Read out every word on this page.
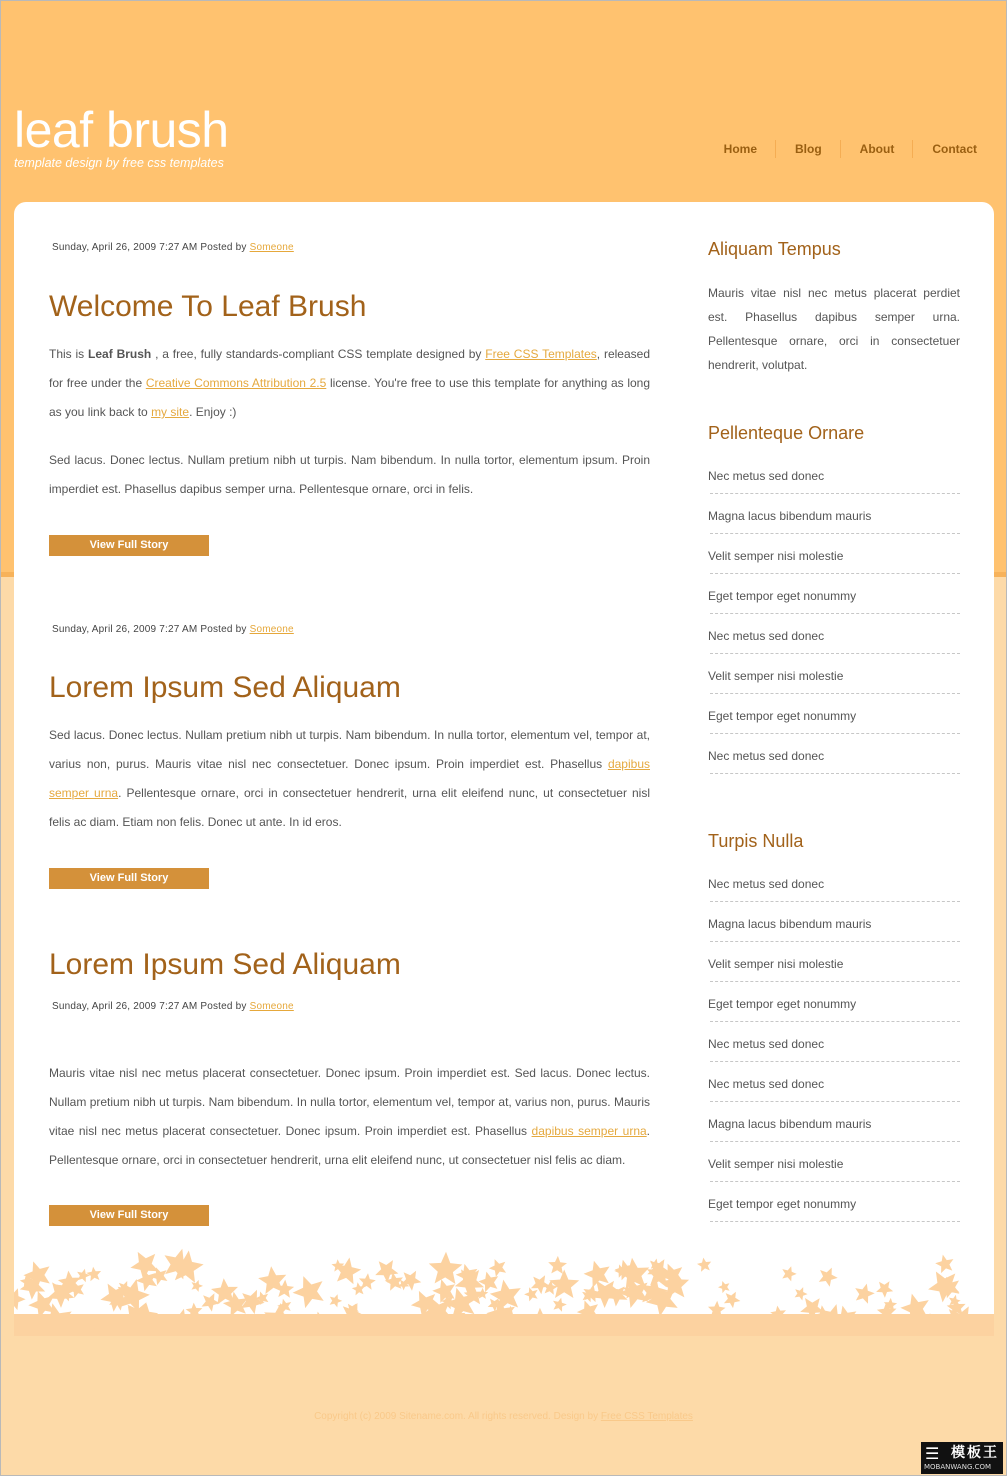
leaf brush

template design by free css templates

Home	Blog	About	Contact

Sunday, April 26, 2009 7:27 AM Posted by Someone

Welcome To Leaf Brush

This is Leaf Brush , a free, fully standards-compliant CSS template designed by Free CSS Templates, released for free under the Creative Commons Attribution 2.5 license. You're free to use this template for anything as long as you link back to my site. Enjoy :)

Sed lacus. Donec lectus. Nullam pretium nibh ut turpis. Nam bibendum. In nulla tortor, elementum ipsum. Proin imperdiet est. Phasellus dapibus semper urna. Pellentesque ornare, orci in felis.

View Full Story

Sunday, April 26, 2009 7:27 AM Posted by Someone

Lorem Ipsum Sed Aliquam

Sed lacus. Donec lectus. Nullam pretium nibh ut turpis. Nam bibendum. In nulla tortor, elementum vel, tempor at, varius non, purus. Mauris vitae nisl nec consectetuer. Donec ipsum. Proin imperdiet est. Phasellus dapibus semper urna. Pellentesque ornare, orci in consectetuer hendrerit, urna elit eleifend nunc, ut consectetuer nisl felis ac diam. Etiam non felis. Donec ut ante. In id eros.

View Full Story
Lorem Ipsum Sed Aliquam

Sunday, April 26, 2009 7:27 AM Posted by Someone

Mauris vitae nisl nec metus placerat consectetuer. Donec ipsum. Proin imperdiet est. Sed lacus. Donec lectus. Nullam pretium nibh ut turpis. Nam bibendum. In nulla tortor, elementum vel, tempor at, varius non, purus. Mauris vitae nisl nec metus placerat consectetuer. Donec ipsum. Proin imperdiet est. Phasellus dapibus semper urna. Pellentesque ornare, orci in consectetuer hendrerit, urna elit eleifend nunc, ut consectetuer nisl felis ac diam.

View Full Story
Aliquam Tempus

Mauris vitae nisl nec metus placerat perdiet est. Phasellus dapibus semper urna. Pellentesque ornare, orci in consectetuer hendrerit, volutpat.

Pellenteque Ornare
Nec metus sed donec
Magna lacus bibendum mauris
Velit semper nisi molestie
Eget tempor eget nonummy
Nec metus sed donec
Velit semper nisi molestie
Eget tempor eget nonummy
Nec metus sed donec
Turpis Nulla
Nec metus sed donec
Magna lacus bibendum mauris
Velit semper nisi molestie
Eget tempor eget nonummy
Nec metus sed donec
Nec metus sed donec
Magna lacus bibendum mauris
Velit semper nisi molestie
Eget tempor eget nonummy
Copyright (c) 2009 Sitename.com. All rights reserved. Design by Free CSS Templates
☰ 模板王
MOBANWANG.COM
